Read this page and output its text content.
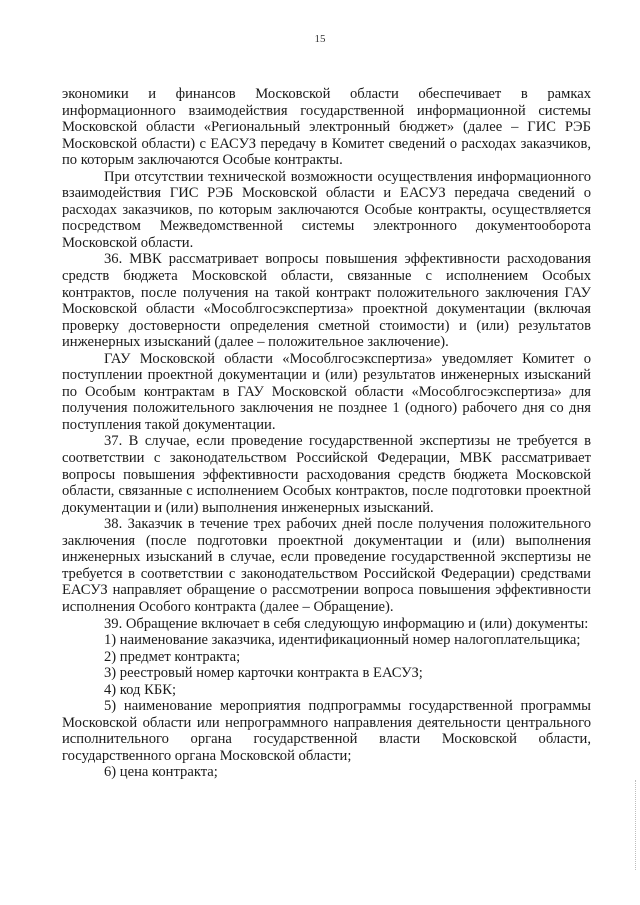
15

экономики и финансов Московской области обеспечивает в рамках информационного взаимодействия государственной информационной системы Московской области «Региональный электронный бюджет» (далее – ГИС РЭБ Московской области) с ЕАСУЗ передачу в Комитет сведений о расходах заказчиков, по которым заключаются Особые контракты.

При отсутствии технической возможности осуществления информационного взаимодействия ГИС РЭБ Московской области и ЕАСУЗ передача сведений о расходах заказчиков, по которым заключаются Особые контракты, осуществляется посредством Межведомственной системы электронного документооборота Московской области.

36. МВК рассматривает вопросы повышения эффективности расходования средств бюджета Московской области, связанные с исполнением Особых контрактов, после получения на такой контракт положительного заключения ГАУ Московской области «Мособлгосэкспертиза» проектной документации (включая проверку достоверности определения сметной стоимости) и (или) результатов инженерных изысканий (далее – положительное заключение).

ГАУ Московской области «Мособлгосэкспертиза» уведомляет Комитет о поступлении проектной документации и (или) результатов инженерных изысканий по Особым контрактам в ГАУ Московской области «Мособлгосэкспертиза» для получения положительного заключения не позднее 1 (одного) рабочего дня со дня поступления такой документации.

37. В случае, если проведение государственной экспертизы не требуется в соответствии с законодательством Российской Федерации, МВК рассматривает вопросы повышения эффективности расходования средств бюджета Московской области, связанные с исполнением Особых контрактов, после подготовки проектной документации и (или) выполнения инженерных изысканий.

38. Заказчик в течение трех рабочих дней после получения положительного заключения (после подготовки проектной документации и (или) выполнения инженерных изысканий в случае, если проведение государственной экспертизы не требуется в соответствии с законодательством Российской Федерации) средствами ЕАСУЗ направляет обращение о рассмотрении вопроса повышения эффективности исполнения Особого контракта (далее – Обращение).

39. Обращение включает в себя следующую информацию и (или) документы:

1) наименование заказчика, идентификационный номер налогоплательщика;

2) предмет контракта;

3) реестровый номер карточки контракта в ЕАСУЗ;

4) код КБК;

5) наименование мероприятия подпрограммы государственной программы Московской области или непрограммного направления деятельности центрального исполнительного органа государственной власти Московской области, государственного органа Московской области;

6) цена контракта;
